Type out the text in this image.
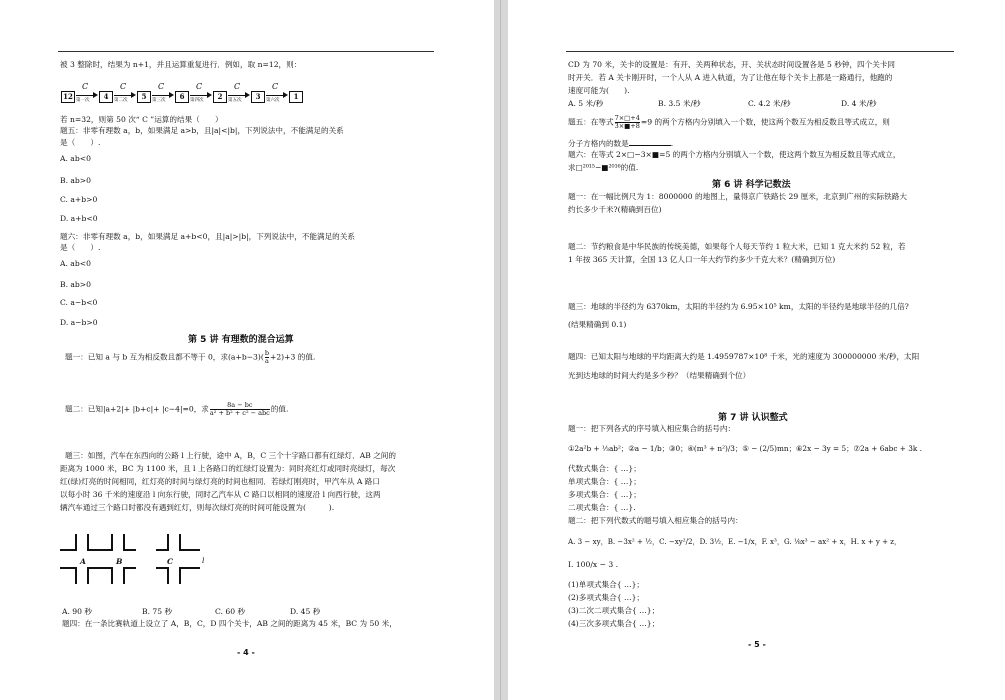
被 3 整除时，结果为 n+1，并且运算重复进行．例如，取 n=12，则：
12
C
第一次 4
C
第二次 5
C
第三次 6
C
第四次 2
C
第五次 3
C
第六次 1
若 n=32，则第 50 次“ C ”运算的结果（　　）
题五：非零有理数 a，b，如果满足 a>b，且|a|<|b|，下列说法中，不能满足的关系
是（　　）.
A. ab<0
B. ab>0
C. a+b>0
D. a+b<0
题六：非零有理数 a，b，如果满足 a+b<0，且|a|>|b|，下列说法中，不能满足的关系
是（　　）.
A. ab<0
B. ab>0
C. a−b<0
D. a−b>0
第 5 讲 有理数的混合运算
题一：已知 a 与 b 互为相反数且都不等于 0，求$(a+b-3)( \frac{b}{a} +2)+3$ 的值.
题二：已知|a+2|+ |b+c|+ |c−4|=0，求 $\frac{8a - bc}{\text{a² + b² + c² − abc}}$ 的值.
题三：如图，汽车在东西向的公路 l 上行驶，途中 A，B，C 三个十字路口都有红绿灯．AB 之间的
距离为 1000 米，BC 为 1100 米，且 l 上各路口的红绿灯设置为：同时亮红灯或同时亮绿灯，每次
红(绿)灯亮的时间相同，红灯亮的时间与绿灯亮的时间也相同．若绿灯刚亮时，甲汽车从 A 路口
以每小时 36 千米的速度沿 l 向东行驶，同时乙汽车从 C 路口以相同的速度沿 l 向西行驶，这两
辆汽车通过三个路口时都没有遇到红灯，则每次绿灯亮的时间可能设置为(　　　).
A	B	C	l
A. 90 秒	B. 75 秒	C. 60 秒	D. 45 秒
题四：在一条比赛轨道上设立了 A，B，C，D 四个关卡，AB 之间的距离为 45 米，BC 为 50 米，
- 4 -
CD 为 70 米，关卡的设置是：有开、关两种状态，开、关状态时间设置各是 5 秒钟，四个关卡同
时开关．若 A 关卡刚开时，一个人从 A 进入轨道，为了让他在每个关卡上都是一路通行，他跑的
速度可能为(　　).
A. 5 米/秒	B. 3.5 米/秒	C. 4.2 米/秒	D. 4 米/秒
题五：在等式 $\frac{7\times□+4}{3\times■+8} =9$ 的两个方格内分别填入一个数，使这两个数互为相反数且等式成立，则
分子方格内的数是	.
题六：在等式 2×□−3×■=5 的两个方格内分别填入一个数，使这两个数互为相反数且等式成立，
求□²⁰¹⁵−■²⁰¹⁶的值.
第 6 讲 科学记数法
题一：在一幅比例尺为 1：8000000 的地图上，量得京广铁路长 29 厘米，北京到广州的实际铁路大
约长多少千米?(精确到百位)
题二：节约粮食是中华民族的传统美德，如果每个人每天节约 1 粒大米，已知 1 克大米约 52 粒，若
1 年按 365 天计算，全国 13 亿人口一年大约节约多少千克大米？(精确到万位)
题三：地球的半径约为 6370km，太阳的半径约为 6.95×10⁵ km，太阳的半径约是地球半径的几倍?
(结果精确到 0.1)
题四：已知太阳与地球的平均距离大约是 1.4959787×10⁸ 千米，光的速度为 300000000 米/秒，太阳
光到达地球的时间大约是多少秒？（结果精确到个位）
第 7 讲 认识整式
题一：把下列各式的序号填入相应集合的括号内：
①2a²b + ⅓ab²；②a − 1/b；③0；④(m³ + n²)/3；⑤ − (2/5)mn；⑥2x − 3y = 5；⑦2a + 6abc + 3k .
代数式集合：{ …}；
单项式集合：{ …}；
多项式集合：{ …}；
二项式集合：{ …}.
题二：把下列代数式的题号填入相应集合的括号内：
A. 3 − xy，B. −3x² + ½，C. −xy²/2，D. 3½，E. −1/x，F. x³，G. ⅛x³ − ax² + x，H. x + y + z，
I. 100/x − 3 .
(1)单项式集合{ …}；
(2)多项式集合{ …}；
(3)二次二项式集合{ …}；
(4)三次多项式集合{ …}；
- 5 -
